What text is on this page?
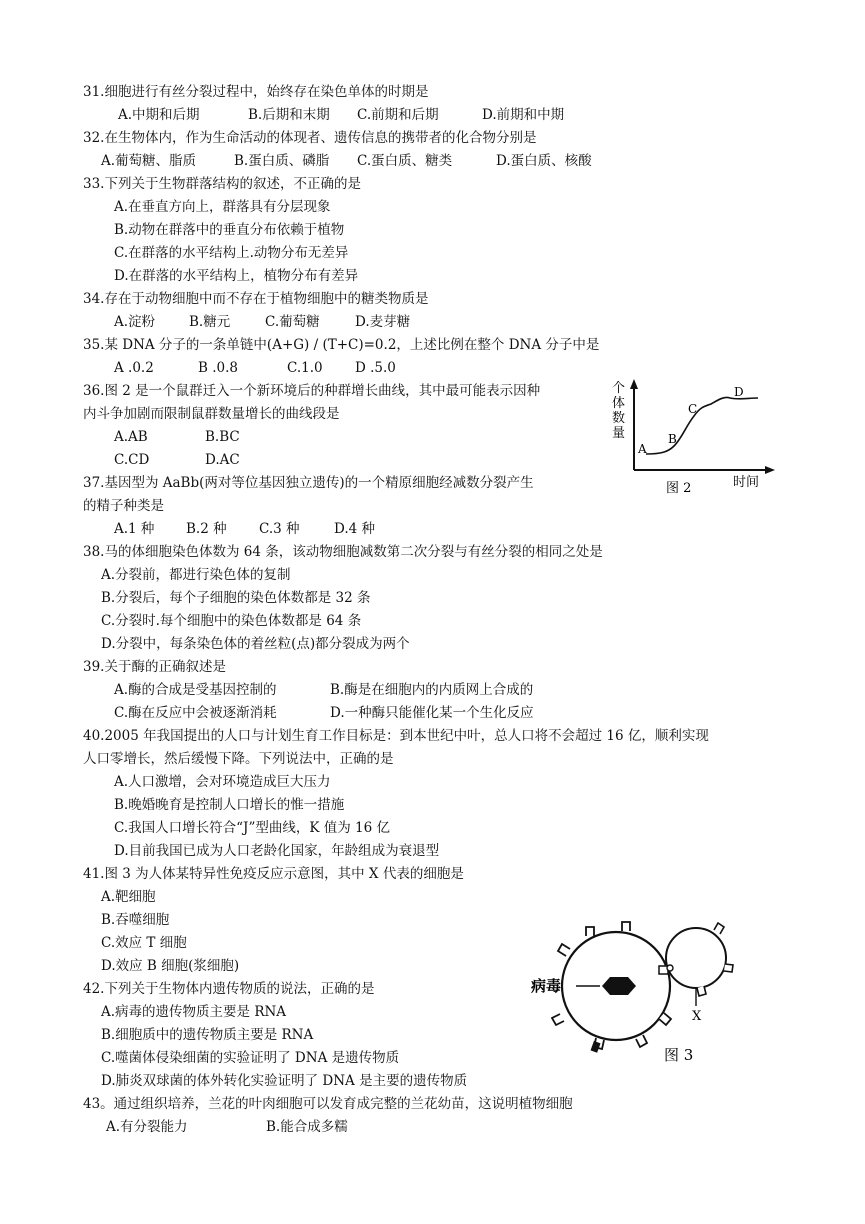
31.细胞进行有丝分裂过程中，始终存在染色单体的时期是
A.中期和后期	B.后期和末期 C.前期和后期	D.前期和中期
32.在生物体内，作为生命活动的体现者、遗传信息的携带者的化合物分别是
A.葡萄糖、脂质	B.蛋白质、磷脂 C.蛋白质、糖类	D.蛋白质、核酸
33.下列关于生物群落结构的叙述，不正确的是
A.在垂直方向上，群落具有分层现象
B.动物在群落中的垂直分布依赖于植物
C.在群落的水平结构上.动物分布无差异
D.在群落的水平结构上，植物分布有差异
34.存在于动物细胞中而不存在于植物细胞中的糖类物质是
A.淀粉	B.糖元	C.葡萄糖	D.麦芽糖
35.某 DNA 分子的一条单链中(A+G) / (T+C)=0.2，上述比例在整个 DNA 分子中是
A .0.2	B .0.8	C.1.0 D .5.0
36.图 2 是一个鼠群迁入一个新环境后的种群增长曲线，其中最可能表示因种
内斗争加剧而限制鼠群数量增长的曲线段是
A.AB	B.BC
C.CD	D.AC
个
体
数
量
A
B
C
D
时间
图 2
37.基因型为 AaBb(两对等位基因独立遗传)的一个精原细胞经减数分裂产生
的精子种类是
A.1 种 B.2 种 C.3 种	D.4 种
38.马的体细胞染色体数为 64 条，该动物细胞减数第二次分裂与有丝分裂的相同之处是
A.分裂前，都进行染色体的复制
B.分裂后，每个子细胞的染色体数都是 32 条
C.分裂时.每个细胞中的染色体数都是 64 条
D.分裂中，每条染色体的着丝粒(点)都分裂成为两个
39.关于酶的正确叙述是
A.酶的合成是受基因控制的	B.酶是在细胞内的内质网上合成的
C.酶在反应中会被逐渐消耗	D.一种酶只能催化某一个生化反应
40.2005 年我国提出的人口与计划生育工作目标是：到本世纪中叶，总人口将不会超过 16 亿，顺利实现
人口零增长，然后缓慢下降。下列说法中，正确的是
A.人口激增，会对环境造成巨大压力
B.晚婚晚育是控制人口增长的惟一措施
C.我国人口增长符合“J”型曲线，K 值为 16 亿
D.目前我国已成为人口老龄化国家，年龄组成为衰退型
41.图 3 为人体某特异性免疫反应示意图，其中 X 代表的细胞是
A.靶细胞
B.吞噬细胞
C.效应 T 细胞
D.效应 B 细胞(浆细胞)
病毒
X
图 3
42.下列关于生物体内遗传物质的说法，正确的是
A.病毒的遗传物质主要是 RNA
B.细胞质中的遗传物质主要是 RNA
C.噬菌体侵染细菌的实验证明了 DNA 是遗传物质
D.肺炎双球菌的体外转化实验证明了 DNA 是主要的遗传物质
43。通过组织培养，兰花的叶肉细胞可以发育成完整的兰花幼苗，这说明植物细胞
A.有分裂能力	B.能合成多糯
